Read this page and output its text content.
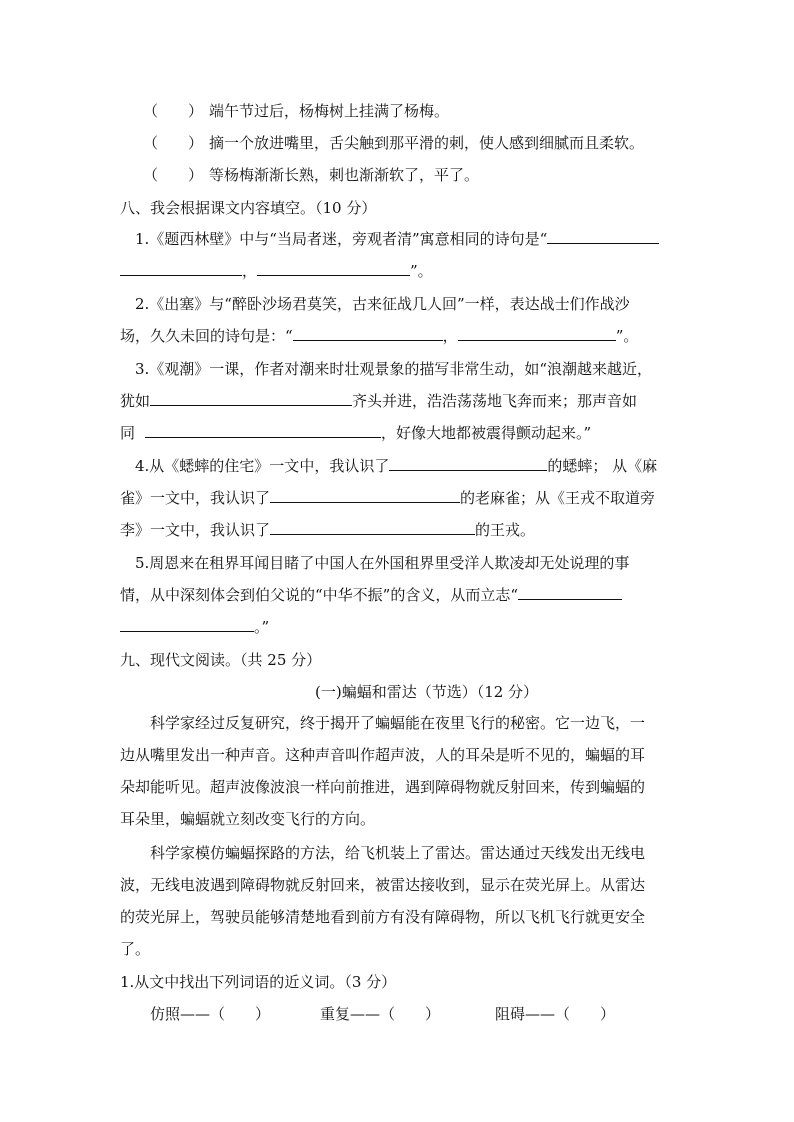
（　　） 端午节过后，杨梅树上挂满了杨梅。
（　　） 摘一个放进嘴里，舌尖触到那平滑的刺，使人感到细腻而且柔软。
（　　） 等杨梅渐渐长熟，刺也渐渐软了，平了。
八、我会根据课文内容填空。（10 分）
1.《题西林壁》中与“当局者迷，旁观者清”寓意相同的诗句是“
，	”。
2.《出塞》与“醉卧沙场君莫笑，古来征战几人回”一样，表达战士们作战沙
场，久久未回的诗句是：“	，	”。
3.《观潮》一课，作者对潮来时壮观景象的描写非常生动，如“浪潮越来越近，
犹如	齐头并进，浩浩荡荡地飞奔而来；那声音如
同	，好像大地都被震得颤动起来。”
4.从《蟋蟀的住宅》一文中，我认识了	的蟋蟀； 从《麻
雀》一文中，我认识了	的老麻雀；从《王戎不取道旁
李》一文中，我认识了	的王戎。
5.周恩来在租界耳闻目睹了中国人在外国租界里受洋人欺凌却无处说理的事
情，从中深刻体会到伯父说的“中华不振”的含义，从而立志“
。”
九、现代文阅读。（共 25 分）
(一)蝙蝠和雷达（节选）（12 分）
科学家经过反复研究，终于揭开了蝙蝠能在夜里飞行的秘密。它一边飞，一
边从嘴里发出一种声音。这种声音叫作超声波，人的耳朵是听不见的，蝙蝠的耳
朵却能听见。超声波像波浪一样向前推进，遇到障碍物就反射回来，传到蝙蝠的
耳朵里，蝙蝠就立刻改变飞行的方向。
科学家模仿蝙蝠探路的方法，给飞机装上了雷达。雷达通过天线发出无线电
波，无线电波遇到障碍物就反射回来，被雷达接收到，显示在荧光屏上。从雷达
的荧光屏上，驾驶员能够清楚地看到前方有没有障碍物，所以飞机飞行就更安全
了。
1.从文中找出下列词语的近义词。（3 分）
仿照——（　　）	重复——（　　）	阻碍——（　　）
